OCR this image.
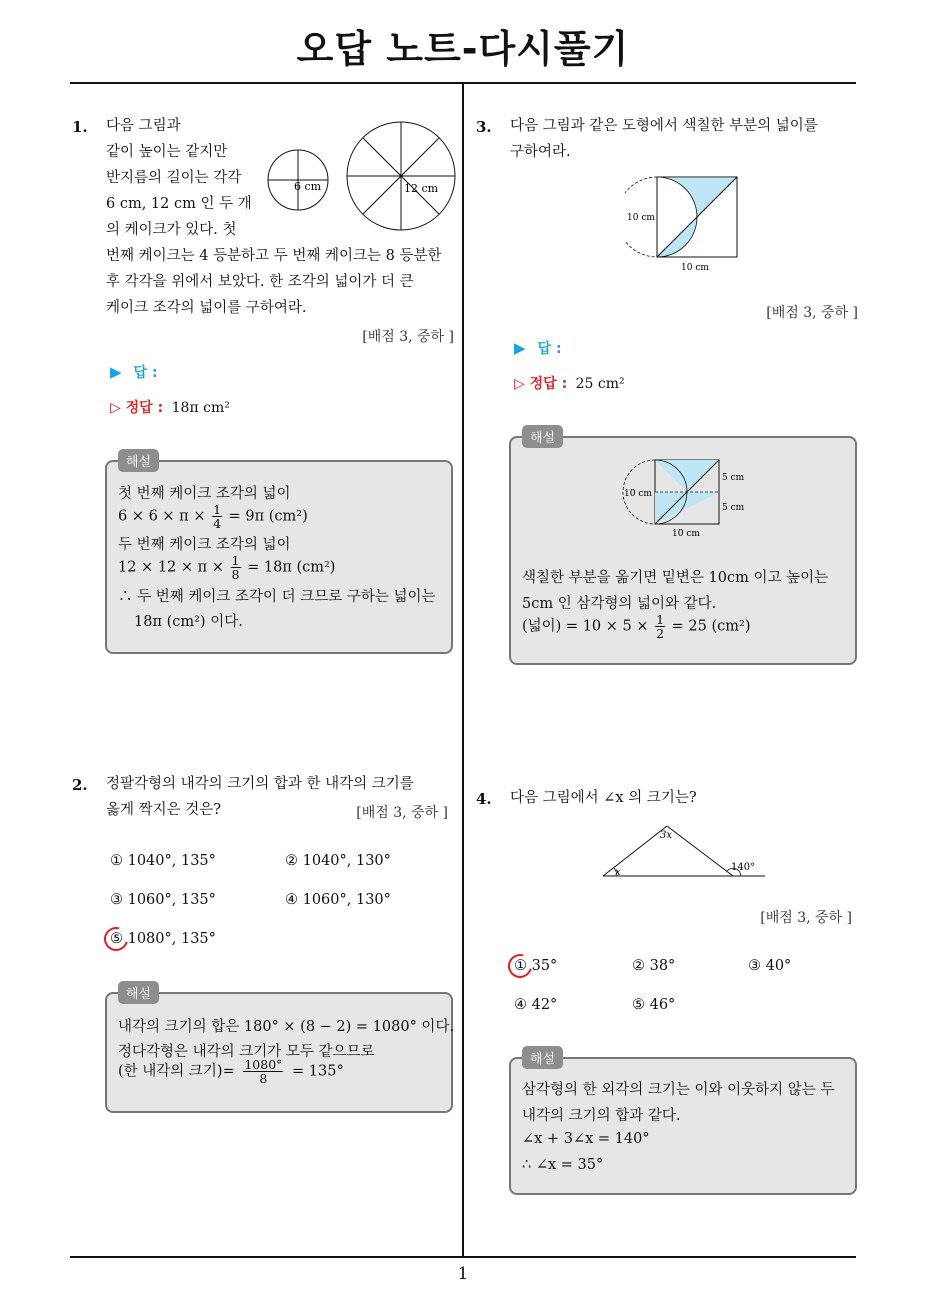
오답 노트-다시풀기
1. 다음 그림과
같이 높이는 같지만
반지름의 길이는 각각
6 cm, 12 cm 인 두 개
의 케이크가 있다. 첫
번째 케이크는 4 등분하고 두 번째 케이크는 8 등분한
후 각각을 위에서 보았다. 한 조각의 넓이가 더 큰
케이크 조각의 넓이를 구하여라.
6 cm	12 cm
[배점 3, 중하 ]
▶ 답 :
▷ 정답 : 18π cm²
해설
첫 번째 케이크 조각의 넓이
$6 \times 6 \times \pi \times \frac{1}{4} = 9\pi$ (cm²)
두 번째 케이크 조각의 넓이
$12 \times 12 \times \pi \times \frac{1}{8} = 18\pi$ (cm²)
∴ 두 번째 케이크 조각이 더 크므로 구하는 넓이는
18π (cm²) 이다.
2. 정팔각형의 내각의 크기의 합과 한 내각의 크기를
옳게 짝지은 것은?	[배점 3, 중하 ]
① 1040°, 135°	② 1040°, 130°
③ 1060°, 135°	④ 1060°, 130°
⑤ 1080°, 135°
해설
내각의 크기의 합은 180° × (8 − 2) = 1080° 이다.
정다각형은 내각의 크기가 모두 같으므로
(한 내각의 크기)= $\frac{1080^\circ}{8} = 135^\circ$
3. 다음 그림과 같은 도형에서 색칠한 부분의 넓이를
구하여라.
10 cm
10 cm
[배점 3, 중하 ]
▶ 답 :
▷ 정답 : 25 cm²
해설
10 cm
5 cm
5 cm
10 cm
색칠한 부분을 옮기면 밑변은 10cm 이고 높이는
5cm 인 삼각형의 넓이와 같다.
(넓이) = $10 \times 5 \times \frac{1}{2} = 25$ (cm²)
4. 다음 그림에서 ∠x 의 크기는?
3x
x	140°
[배점 3, 중하 ]
① 35°	② 38°	③ 40°
④ 42°	⑤ 46°
해설
삼각형의 한 외각의 크기는 이와 이웃하지 않는 두
내각의 크기의 합과 같다.
∠x + 3∠x = 140°
∴ ∠x = 35°
1
